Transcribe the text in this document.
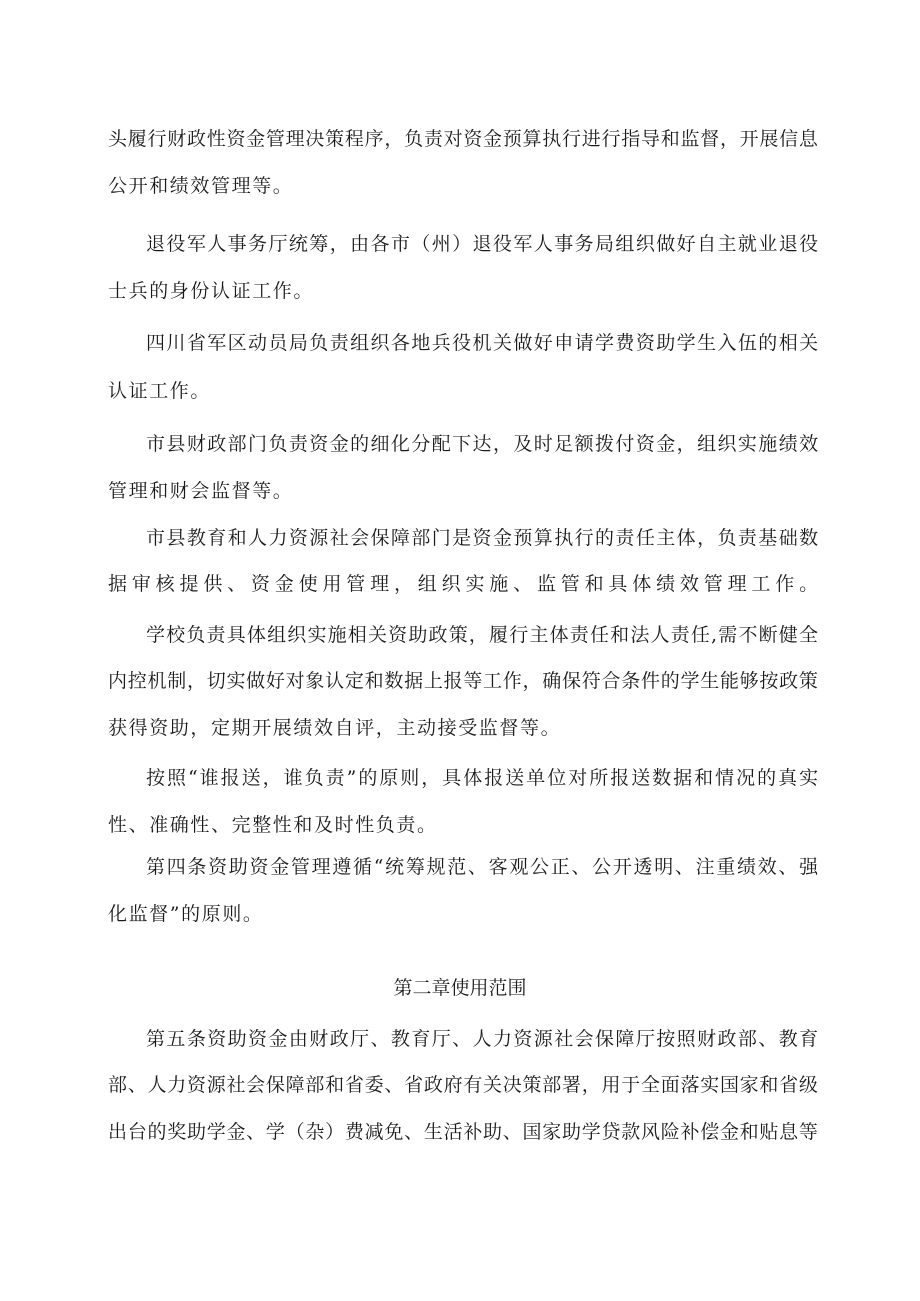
头履行财政性资金管理决策程序，负责对资金预算执行进行指导和监督，开展信息
公开和绩效管理等。
退役军人事务厅统筹，由各市（州）退役军人事务局组织做好自主就业退役
士兵的身份认证工作。
四川省军区动员局负责组织各地兵役机关做好申请学费资助学生入伍的相关
认证工作。
市县财政部门负责资金的细化分配下达，及时足额拨付资金，组织实施绩效
管理和财会监督等。
市县教育和人力资源社会保障部门是资金预算执行的责任主体，负责基础数
据审核提供、资金使用管理，组织实施、监管和具体绩效管理工作。
学校负责具体组织实施相关资助政策，履行主体责任和法人责任,需不断健全
内控机制，切实做好对象认定和数据上报等工作，确保符合条件的学生能够按政策
获得资助，定期开展绩效自评，主动接受监督等。
按照“谁报送，谁负责”的原则，具体报送单位对所报送数据和情况的真实
性、准确性、完整性和及时性负责。
第四条资助资金管理遵循“统筹规范、客观公正、公开透明、注重绩效、强
化监督”的原则。
第二章使用范围
第五条资助资金由财政厅、教育厅、人力资源社会保障厅按照财政部、教育
部、人力资源社会保障部和省委、省政府有关决策部署，用于全面落实国家和省级
出台的奖助学金、学（杂）费减免、生活补助、国家助学贷款风险补偿金和贴息等
